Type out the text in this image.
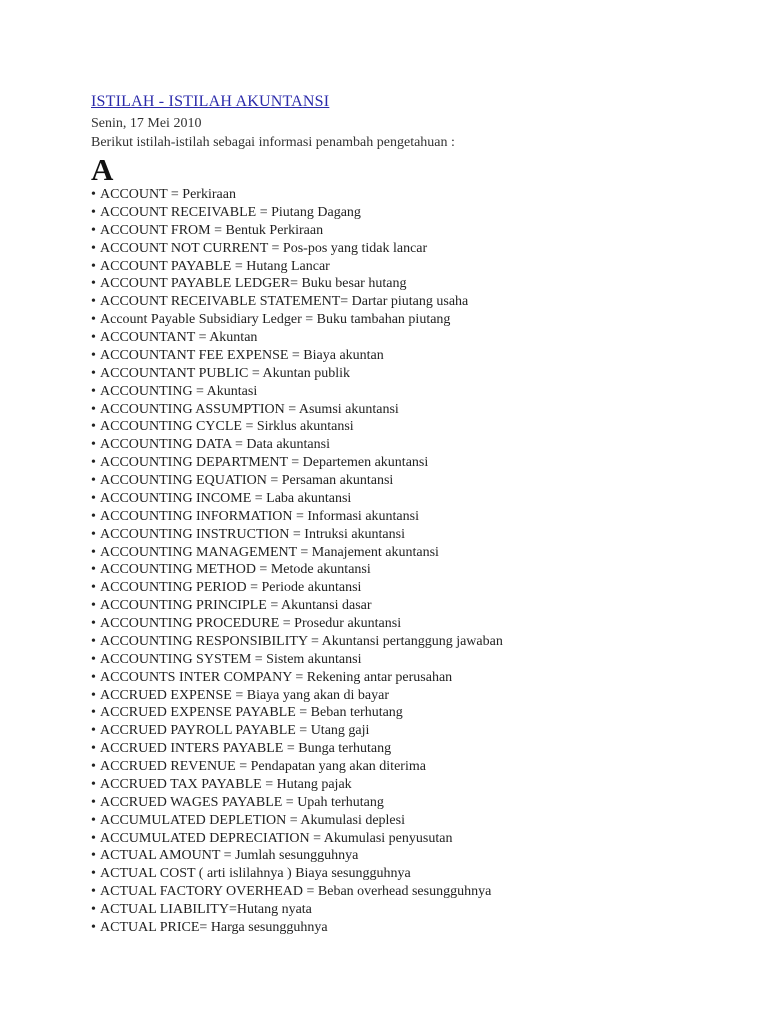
ISTILAH - ISTILAH AKUNTANSI

Senin, 17 Mei 2010

Berikut istilah-istilah sebagai informasi penambah pengetahuan :

A
• ACCOUNT = Perkiraan
• ACCOUNT RECEIVABLE = Piutang Dagang
• ACCOUNT FROM = Bentuk Perkiraan
• ACCOUNT NOT CURRENT = Pos-pos yang tidak lancar
• ACCOUNT PAYABLE = Hutang Lancar
• ACCOUNT PAYABLE LEDGER= Buku besar hutang
• ACCOUNT RECEIVABLE STATEMENT= Dartar piutang usaha
• Account Payable Subsidiary Ledger = Buku tambahan piutang
• ACCOUNTANT = Akuntan
• ACCOUNTANT FEE EXPENSE = Biaya akuntan
• ACCOUNTANT PUBLIC = Akuntan publik
• ACCOUNTING = Akuntasi
• ACCOUNTING ASSUMPTION = Asumsi akuntansi
• ACCOUNTING CYCLE = Sirklus akuntansi
• ACCOUNTING DATA = Data akuntansi
• ACCOUNTING DEPARTMENT = Departemen akuntansi
• ACCOUNTING EQUATION = Persaman akuntansi
• ACCOUNTING INCOME = Laba akuntansi
• ACCOUNTING INFORMATION = Informasi akuntansi
• ACCOUNTING INSTRUCTION = Intruksi akuntansi
• ACCOUNTING MANAGEMENT = Manajement akuntansi
• ACCOUNTING METHOD = Metode akuntansi
• ACCOUNTING PERIOD = Periode akuntansi
• ACCOUNTING PRINCIPLE = Akuntansi dasar
• ACCOUNTING PROCEDURE = Prosedur akuntansi
• ACCOUNTING RESPONSIBILITY = Akuntansi pertanggung jawaban
• ACCOUNTING SYSTEM = Sistem akuntansi
• ACCOUNTS INTER COMPANY = Rekening antar perusahan
• ACCRUED EXPENSE = Biaya yang akan di bayar
• ACCRUED EXPENSE PAYABLE = Beban terhutang
• ACCRUED PAYROLL PAYABLE = Utang gaji
• ACCRUED INTERS PAYABLE = Bunga terhutang
• ACCRUED REVENUE = Pendapatan yang akan diterima
• ACCRUED TAX PAYABLE = Hutang pajak
• ACCRUED WAGES PAYABLE = Upah terhutang
• ACCUMULATED DEPLETION = Akumulasi deplesi
• ACCUMULATED DEPRECIATION = Akumulasi penyusutan
• ACTUAL AMOUNT = Jumlah sesungguhnya
• ACTUAL COST ( arti islilahnya ) Biaya sesungguhnya
• ACTUAL FACTORY OVERHEAD = Beban overhead sesungguhnya
• ACTUAL LIABILITY=Hutang nyata
• ACTUAL PRICE= Harga sesungguhnya
